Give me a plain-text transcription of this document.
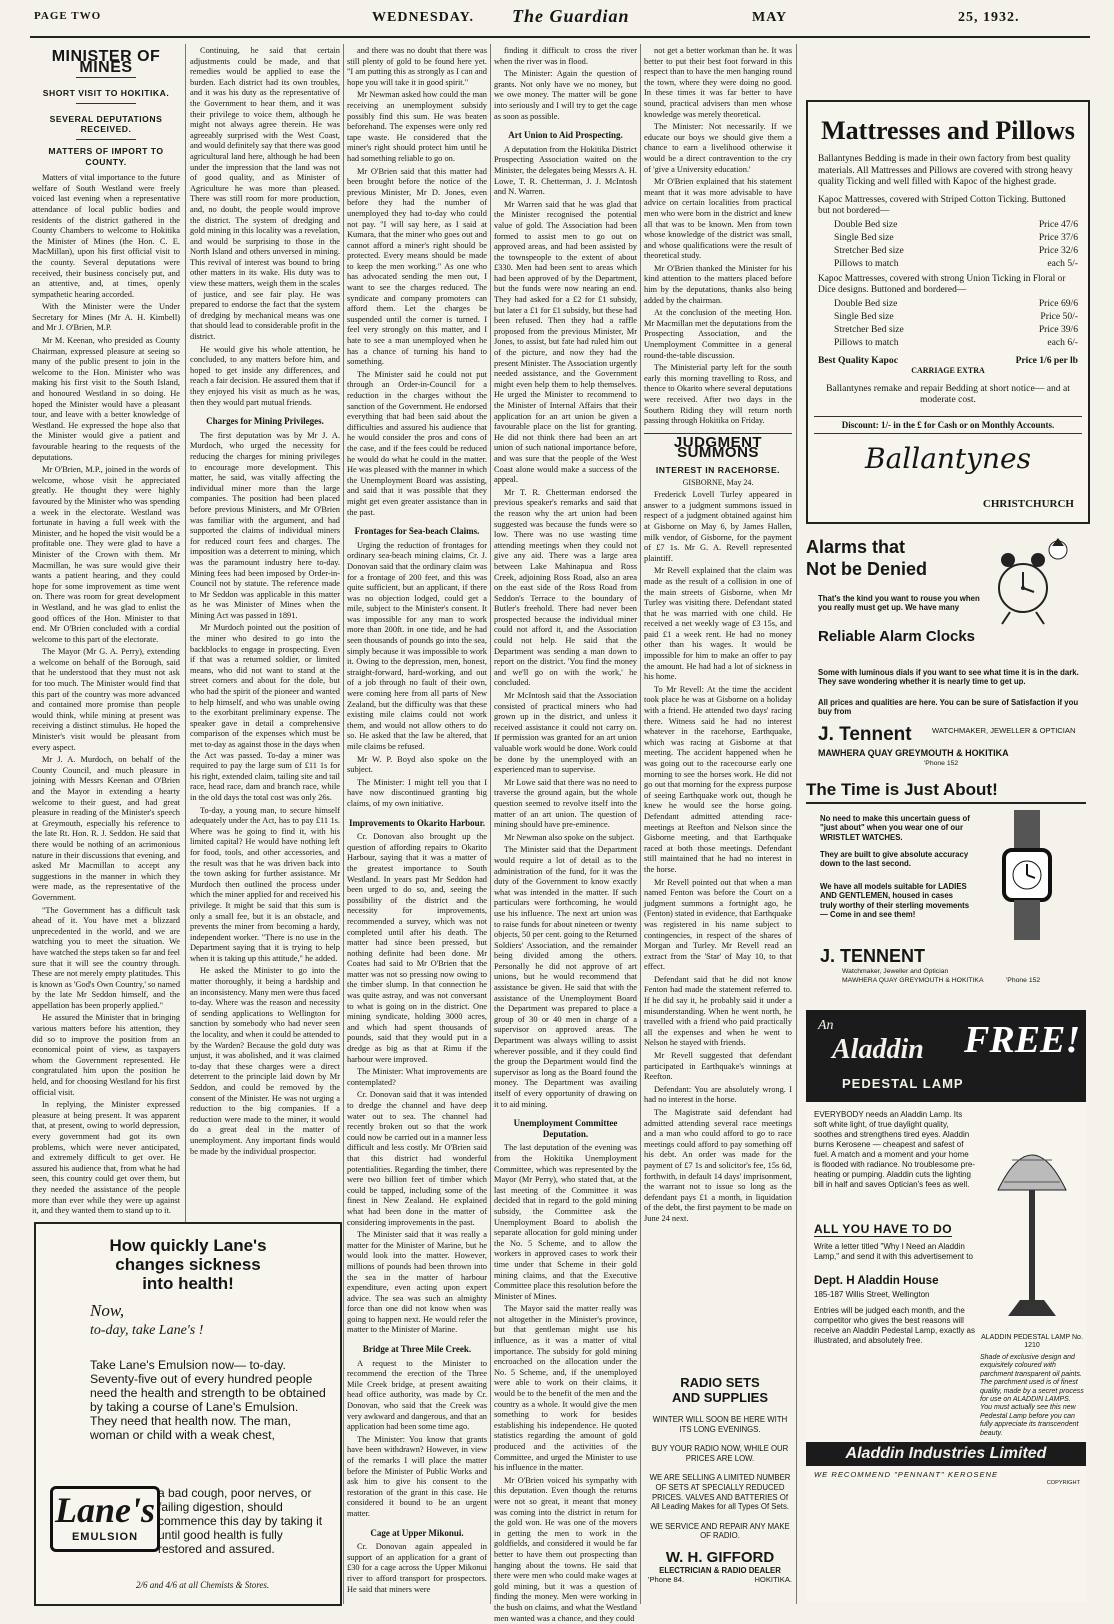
PAGE TWO	WEDNESDAY. The Guardian	MAY	25, 1932.
MINISTER OF MINES
SHORT VISIT TO HOKITIKA.
SEVERAL DEPUTATIONS RECEIVED.
MATTERS OF IMPORT TO COUNTY.

Matters of vital importance to the future welfare of South Westland were freely voiced last evening when a representative attendance of local public bodies and residents of the district gathered in the County Chambers to welcome to Hokitika the Minister of Mines (the Hon. C. E. MacMillan), upon his first official visit to the county. Several deputations were received, their business concisely put, and an attentive, and, at times, openly sympathetic hearing accorded.

With the Minister were the Under Secretary for Mines (Mr A. H. Kimbell) and Mr J. O'Brien, M.P.

Mr M. Keenan, who presided as County Chairman, expressed pleasure at seeing so many of the public present to join in the welcome to the Hon. Minister who was making his first visit to the South Island, and honoured Westland in so doing. He hoped the Minister would have a pleasant tour, and leave with a better knowledge of Westland. He expressed the hope also that the Minister would give a patient and favourable hearing to the requests of the deputations.

Mr O'Brien, M.P., joined in the words of welcome, whose visit he appreciated greatly. He thought they were highly favoured by the Minister who was spending a week in the electorate. Westland was fortunate in having a full week with the Minister, and he hoped the visit would be a profitable one. They were glad to have a Minister of the Crown with them. Mr Macmillan, he was sure would give their wants a patient hearing, and they could hope for some improvement as time went on. There was room for great development in Westland, and he was glad to enlist the good offices of the Hon. Minister to that end. Mr O'Brien concluded with a cordial welcome to this part of the electorate.

The Mayor (Mr G. A. Perry), extending a welcome on behalf of the Borough, said that he understood that they must not ask for too much. The Minister would find that this part of the country was more advanced and contained more promise than people would think, while mining at present was receiving a distinct stimulus. He hoped the Minister's visit would be pleasant from every aspect.

Mr J. A. Murdoch, on behalf of the County Council, and much pleasure in joining with Messrs Keenan and O'Brien and the Mayor in extending a hearty welcome to their guest, and had great pleasure in reading of the Minister's speech at Greymouth, especially his reference to the late Rt. Hon. R. J. Seddon. He said that there would be nothing of an acrimonious nature in their discussions that evening, and asked Mr Macmillan to accept any suggestions in the manner in which they were made, as the representative of the Government.

"The Government has a difficult task ahead of it. You have met a blizzard unprecedented in the world, and we are watching you to meet the situation. We have watched the steps taken so far and feel sure that it will see the country through. These are not merely empty platitudes. This is known as 'God's Own Country,' so named by the late Mr Seddon himself, and the appellation has been properly applied."

He assured the Minister that in bringing various matters before his attention, they did so to improve the position from an economical point of view, as taxpayers whom the Government represented. He congratulated him upon the position he held, and for choosing Westland for his first official visit.

In replying, the Minister expressed pleasure at being present. It was apparent that, at present, owing to world depression, every government had got its own problems, which were never anticipated, and extremely difficult to get over. He assured his audience that, from what he had seen, this country could get over them, but they needed the assistance of the people more than ever while they were up against it, and they wanted them to stand up to it.

Continuing, he said that certain adjustments could be made, and that remedies would be applied to ease the burden. Each district had its own troubles, and it was his duty as the representative of the Government to hear them, and it was their privilege to voice them, although he might not always agree therein. He was agreeably surprised with the West Coast, and would definitely say that there was good agricultural land here, although he had been under the impression that the land was not of good quality, and as Minister of Agriculture he was more than pleased. There was still room for more production, and, no doubt, the people would improve the district. The system of dredging and gold mining in this locality was a revelation, and would be surprising to those in the North Island and others unversed in mining. This revival of interest was bound to bring other matters in its wake. His duty was to view these matters, weigh them in the scales of justice, and see fair play. He was prepared to endorse the fact that the system of dredging by mechanical means was one that should lead to considerable profit in the district.

He would give his whole attention, he concluded, to any matters before him, and hoped to get inside any differences, and reach a fair decision. He assured them that if they enjoyed his visit as much as he was, then they would part mutual friends.

Charges for Mining Privileges.

The first deputation was by Mr J. A. Murdoch, who urged the necessity for reducing the charges for mining privileges to encourage more development. This matter, he said, was vitally affecting the individual miner more than the large companies. The position had been placed before previous Ministers, and Mr O'Brien was familiar with the argument, and had supported the claims of individual miners for reduced court fees and charges. The imposition was a deterrent to mining, which was the paramount industry here to-day. Mining fees had been imposed by Order-in-Council not by statute. The reference made to Mr Seddon was applicable in this matter as he was Minister of Mines when the Mining Act was passed in 1891.

Mr Murdoch pointed out the position of the miner who desired to go into the backblocks to engage in prospecting. Even if that was a returned soldier, or limited means, who did not want to stand at the street corners and about for the dole, but who had the spirit of the pioneer and wanted to help himself, and who was unable owing to the exorbitant preliminary expense. The speaker gave in detail a comprehensive comparison of the expenses which must be met to-day as against those in the days when the Act was passed. To-day a miner was required to pay the large sum of £11 1s for his right, extended claim, tailing site and tail race, head race, dam and branch race, while in the old days the total cost was only 26s.

To-day, a young man, to secure himself adequately under the Act, has to pay £11 1s. Where was he going to find it, with his limited capital? He would have nothing left for food, tools, and other accessories, and the result was that he was driven back into the town asking for further assistance. Mr Murdoch then outlined the process under which the miner applied for and received his privilege. It might be said that this sum is only a small fee, but it is an obstacle, and prevents the miner from becoming a hardy, independent worker. "There is no use in the Department saying that it is trying to help when it is taking up this attitude," he added.

He asked the Minister to go into the matter thoroughly, it being a hardship and an inconsistency. Many men were thus faced to-day. Where was the reason and necessity of sending applications to Wellington for sanction by somebody who had never seen the locality, and when it could be attended to by the Warden? Because the gold duty was unjust, it was abolished, and it was claimed to-day that these charges were a direct deterrent to the principle laid down by Mr Seddon, and could be removed by the consent of the Minister. He was not urging a reduction to the big companies. If a reduction were made to the miner, it would do a great deal in the matter of unemployment. Any important finds would be made by the individual prospector.

and there was no doubt that there was still plenty of gold to be found here yet. "I am putting this as strongly as I can and hope you will take it in good spirit."

Mr Newman asked how could the man receiving an unemployment subsidy possibly find this sum. He was beaten beforehand. The expenses were only red tape waste. He considered that the miner's right should protect him until he had something reliable to go on.

Mr O'Brien said that this matter had been brought before the notice of the previous Minister, Mr D. Jones, even before they had the number of unemployed they had to-day who could not pay. "I will say here, as I said at Kumara, that the miner who goes out and cannot afford a miner's right should be protected. Every means should be made to keep the men working." As one who has advocated sending the men out, I want to see the charges reduced. The syndicate and company promoters can afford them. Let the charges be suspended until the corner is turned. I feel very strongly on this matter, and I hate to see a man unemployed when he has a chance of turning his hand to something.

The Minister said he could not put through an Order-in-Council for a reduction in the charges without the sanction of the Government. He endorsed everything that had been said about the difficulties and assured his audience that he would consider the pros and cons of the case, and if the fees could be reduced he would do what he could in the matter. He was pleased with the manner in which the Unemployment Board was assisting, and said that it was possible that they might get even greater assistance than in the past.

Frontages for Sea-beach Claims.

Urging the reduction of frontages for ordinary sea-beach mining claims, Cr. J. Donovan said that the ordinary claim was for a frontage of 200 feet, and this was quite sufficient, but an applicant, if there was no objection lodged, could get a mile, subject to the Minister's consent. It was impossible for any man to work more than 200ft. in one tide, and he had seen thousands of pounds go into the sea, simply because it was impossible to work it. Owing to the depression, men, honest, straight-forward, hard-working, and out of a job through no fault of their own, were coming here from all parts of New Zealand, but the difficulty was that these existing mile claims could not work them, and would not allow others to do so. He asked that the law be altered, that mile claims be refused.

Mr W. P. Boyd also spoke on the subject.

The Minister: I might tell you that I have now discontinued granting big claims, of my own initiative.

Improvements to Okarito Harbour.

Cr. Donovan also brought up the question of affording repairs to Okarito Harbour, saying that it was a matter of the greatest importance to South Westland. In years past Mr Seddon had been urged to do so, and, seeing the possibility of the district and the necessity for improvements, recommended a survey, which was not completed until after his death. The matter had since been pressed, but nothing definite had been done. Mr Coates had said to Mr O'Brien that the matter was not so pressing now owing to the timber slump. In that connection he was quite astray, and was not conversant to what is going on in the district. One mining syndicate, holding 3000 acres, and which had spent thousands of pounds, said that they would put in a dredge as big as that at Rimu if the harbour were improved.

The Minister: What improvements are contemplated?

Cr. Donovan said that it was intended to dredge the channel and have deep water out to sea. The channel had recently broken out so that the work could now be carried out in a manner less difficult and less costly. Mr O'Brien said that this district had wonderful potentialities. Regarding the timber, there were two billion feet of timber which could be tapped, including some of the finest in New Zealand. He explained what had been done in the matter of considering improvements in the past.

The Minister said that it was really a matter for the Minister of Marine, but he would look into the matter. However, millions of pounds had been thrown into the sea in the matter of harbour expenditure, even acting upon expert advice. The sea was such an almighty force than one did not know when was going to happen next. He would refer the matter to the Minister of Marine.

Bridge at Three Mile Creek.

A request to the Minister to recommend the erection of the Three Mile Creek bridge, at present awaiting head office authority, was made by Cr. Donovan, who said that the Creek was very awkward and dangerous, and that an application had been some time ago.

The Minister: You know that grants have been withdrawn? However, in view of the remarks I will place the matter before the Minister of Public Works and ask him to give his consent to the restoration of the grant in this case. He considered it bound to be an urgent matter.

Cage at Upper Mikonui.

Cr. Donovan again appealed in support of an application for a grant of £30 for a cage across the Upper Mikonui river to afford transport for prospectors. He said that miners were

finding it difficult to cross the river when the river was in flood.

The Minister: Again the question of grants. Not only have we no money, but we owe money. The matter will be gone into seriously and I will try to get the cage as soon as possible.

Art Union to Aid Prospecting.

A deputation from the Hokitika District Prospecting Association waited on the Minister, the delegates being Messrs A. H. Lowe, T. R. Chetterman, J. J. McIntosh and N. Warren.

Mr Warren said that he was glad that the Minister recognised the potential value of gold. The Association had been formed to assist men to go out on approved areas, and had been assisted by the townspeople to the extent of about £330. Men had been sent to areas which had been approved of by the Department, but the funds were now nearing an end. They had asked for a £2 for £1 subsidy, but later a £1 for £1 subsidy, but these had been refused. Then they had a raffle proposed from the previous Minister, Mr Jones, to assist, but fate had ruled him out of the picture, and now they had the present Minister. The Association urgently needed assistance, and the Government might even help them to help themselves. He urged the Minister to recommend to the Minister of Internal Affairs that their application for an art union be given a favourable place on the list for granting. He did not think there had been an art union of such national importance before, and was sure that the people of the West Coast alone would make a success of the appeal.

Mr T. R. Chetterman endorsed the previous speaker's remarks and said that the reason why the art union had been suggested was because the funds were so low. There was no use wasting time attending meetings when they could not give any aid. There was a large area between Lake Mahinapua and Ross Creek, adjoining Ross Road, also an area on the east side of the Ross Road from Seddon's Terrace to the boundary of Butler's freehold. There had never been prospected because the individual miner could not afford it, and the Association could not help. He said that the Department was sending a man down to report on the district. 'You find the money and we'll go on with the work,' he concluded.

Mr McIntosh said that the Association consisted of practical miners who had grown up in the district, and unless it received assistance it could not carry on. If permission was granted for an art union valuable work would be done. Work could be done by the unemployed with an experienced man to supervise.

Mr Lowe said that there was no need to traverse the ground again, but the whole question seemed to revolve itself into the matter of an art union. The question of mining should have pre-eminence.

Mr Newman also spoke on the subject.

The Minister said that the Department would require a lot of detail as to the administration of the fund, for it was the duty of the Government to know exactly what was intended in the matter. If such particulars were forthcoming, he would use his influence. The next art union was to raise funds for about nineteen or twenty objects, 50 per cent. going to the Returned Soldiers' Association, and the remainder being divided among the others. Personally he did not approve of art unions, but he would recommend that assistance be given. He said that with the assistance of the Unemployment Board the Department was prepared to place a group of 30 or 40 men in charge of a supervisor on approved areas. The Department was always willing to assist wherever possible, and if they could find the group the Department would find the supervisor as long as the Board found the money. The Department was availing itself of every opportunity of drawing on it to aid mining.

Unemployment Committee Deputation.

The last deputation of the evening was from the Hokitika Unemployment Committee, which was represented by the Mayor (Mr Perry), who stated that, at the last meeting of the Committee it was decided that in regard to the gold mining subsidy, the Committee ask the Unemployment Board to abolish the separate allocation for gold mining under the No. 5 Scheme, and to allow the workers in approved cases to work their time under that Scheme in their gold mining claims, and that the Executive Committee place this resolution before the Minister of Mines.

The Mayor said the matter really was not altogether in the Minister's province, but that gentleman might use his influence, as it was a matter of vital importance. The subsidy for gold mining encroached on the allocation under the No. 5 Scheme, and, if the unemployed were able to work on their claims, it would be to the benefit of the men and the country as a whole. It would give the men something to work for besides establishing his independence. He quoted statistics regarding the amount of gold produced and the activities of the Committee, and urged the Minister to use his influence in the matter.

Mr O'Brien voiced his sympathy with this deputation. Even though the returns were not so great, it meant that money was coming into the district in return for the gold won. He was one of the movers in getting the men to work in the goldfields, and considered it would be far better to have them out prospecting than hanging about the towns. He said that there were men who could make wages at gold mining, but it was a question of finding the money. Men were working in the bush on claims, and what the Westland men wanted was a chance, and they could

not get a better workman than he. It was better to put their best foot forward in this respect than to have the men hanging round the town, where they were doing no good. In these times it was far better to have sound, practical advisers than men whose knowledge was merely theoretical.

The Minister: Not necessarily. If we educate our boys we should give them a chance to earn a livelihood otherwise it would be a direct contravention to the cry of 'give a University education.'

Mr O'Brien explained that his statement meant that it was more advisable to have advice on certain localities from practical men who were born in the district and knew all that was to be known. Men from town whose knowledge of the district was small, and whose qualifications were the result of theoretical study.

Mr O'Brien thanked the Minister for his kind attention to the matters placed before him by the deputations, thanks also being added by the chairman.

At the conclusion of the meeting Hon. Mr Macmillan met the deputations from the Prospecting Association, and the Unemployment Committee in a general round-the-table discussion.

The Ministerial party left for the south early this morning travelling to Ross, and thence to Okarito where several deputations were received. After two days in the Southern Riding they will return north passing through Hokitika on Friday.

JUDGMENT SUMMONS
INTEREST IN RACEHORSE.
GISBORNE, May 24.

Frederick Lovell Turley appeared in answer to a judgment summons issued in respect of a judgment obtained against him at Gisborne on May 6, by James Hallen, milk vendor, of Gisborne, for the payment of £7 1s. Mr G. A. Revell represented plaintiff.

Mr Revell explained that the claim was made as the result of a collision in one of the main streets of Gisborne, when Mr Turley was visiting there. Defendant stated that he was married with one child. He received a net weekly wage of £3 15s, and paid £1 a week rent. He had no money other than his wages. It would be impossible for him to make an offer to pay the amount. He had had a lot of sickness in his home.

To Mr Revell: At the time the accident took place he was at Gisborne on a holiday with a friend. He attended two days' racing there. Witness said he had no interest whatever in the racehorse, Earthquake, which was racing at Gisborne at that meeting. The accident happened when he was going out to the racecourse early one morning to see the horses work. He did not go out that morning for the express purpose of seeing Earthquake work out, though he knew he would see the horse going. Defendant admitted attending race-meetings at Reefton and Nelson since the Gisborne meeting, and that Earthquake raced at both those meetings. Defendant still maintained that he had no interest in the horse.

Mr Revell pointed out that when a man named Fenton was before the Court on a judgment summons a fortnight ago, he (Fenton) stated in evidence, that Earthquake was registered in his name subject to contingencies, in respect of the shares of Morgan and Turley. Mr Revell read an extract from the 'Star' of May 10, to that effect.

Defendant said that he did not know Fenton had made the statement referred to. If he did say it, he probably said it under a misunderstanding. When he went north, he travelled with a friend who paid practically all the expenses and when he went to Nelson he stayed with friends.

Mr Revell suggested that defendant participated in Earthquake's winnings at Reefton.

Defendant: You are absolutely wrong. I had no interest in the horse.

The Magistrate said defendant had admitted attending several race meetings and a man who could afford to go to race meetings could afford to pay something off his debt. An order was made for the payment of £7 1s and solicitor's fee, 15s 6d, forthwith, in default 14 days' imprisonment, the warrant not to issue so long as the defendant pays £1 a month, in liquidation of the debt, the first payment to be made on June 24 next.

How quickly Lane's
changes sickness
into health!
Now,
to-day, take Lane's !
Take Lane's Emulsion now— to-day. Seventy-five out of every hundred people need the health and strength to be obtained by taking a course of Lane's Emulsion. They need that health now. The man, woman or child with a weak chest,
a bad cough, poor nerves, or failing digestion, should commence this day by taking it until good health is fully restored and assured.
Lane's
EMULSION
2/6 and 4/6 at all Chemists & Stores.
RADIO SETS
AND SUPPLIES
WINTER WILL SOON BE HERE WITH ITS LONG EVENINGS.
BUY YOUR RADIO NOW, WHILE OUR PRICES ARE LOW.
WE ARE SELLING A LIMITED NUMBER OF SETS AT SPECIALLY REDUCED PRICES. VALVES AND BATTERIES Of All Leading Makes for all Types Of Sets.
WE SERVICE AND REPAIR ANY MAKE OF RADIO.
W. H. GIFFORD
ELECTRICIAN & RADIO DEALER
'Phone 84.	HOKITIKA.
Mattresses and Pillows
Ballantynes Bedding is made in their own factory from best quality materials. All Mattresses and Pillows are covered with strong heavy quality Ticking and well filled with Kapoc of the highest grade.
Kapoc Mattresses, covered with Striped Cotton Ticking. Buttoned but not bordered—
Double Bed size	Price 47/6
Single Bed size	Price 37/6
Stretcher Bed size	Price 32/6
Pillows to match	each 5/-
Kapoc Mattresses, covered with strong Union Ticking in Floral or Dice designs. Buttoned and bordered—
Double Bed size	Price 69/6
Single Bed size	Price 50/-
Stretcher Bed size	Price 39/6
Pillows to match	each 6/-
Best Quality Kapoc	Price 1/6 per lb
CARRIAGE EXTRA
Ballantynes remake and repair Bedding at short notice— and at moderate cost.
Discount: 1/- in the £ for Cash or on Monthly Accounts.
Ballantynes
CHRISTCHURCH
Alarms that
Not be Denied
That's the kind you want to rouse you when you really must get up. We have many
Reliable Alarm Clocks
Some with luminous dials if you want to see what time it is in the dark. They save wondering whether it is nearly time to get up.
All prices and qualities are here. You can be sure of Satisfaction if you buy from
J. Tennent	WATCHMAKER, JEWELLER & OPTICIAN
MAWHERA QUAY GREYMOUTH & HOKITIKA
'Phone 152
The Time is Just About!
No need to make this uncertain guess of "just about" when you wear one of our WRISTLET WATCHES.
They are built to give absolute accuracy down to the last second.
We have all models suitable for LADIES AND GENTLEMEN, housed in cases truly worthy of their sterling movements— Come in and see them!
J. TENNENT
Watchmaker, Jeweller and Optician
MAWHERA QUAY GREYMOUTH & HOKITIKA	'Phone 152
An
Aladdin FREE!
PEDESTAL LAMP
EVERYBODY needs an Aladdin Lamp. Its soft white light, of true daylight quality, soothes and strengthens tired eyes. Aladdin burns Kerosene — cheapest and safest of fuel. A match and a moment and your home is flooded with radiance. No troublesome pre-heating or pumping. Aladdin cuts the lighting bill in half and saves Optician's fees as well.
ALL YOU HAVE TO DO
Write a letter titled "Why I Need an Aladdin Lamp," and send it with this advertisement to
Dept. H Aladdin House
185-187 Willis Street, Wellington
Entries will be judged each month, and the competitor who gives the best reasons will receive an Aladdin Pedestal Lamp, exactly as illustrated, and absolutely free.	ALADDIN PEDESTAL LAMP No. 1210
Shade of exclusive design and exquisitely coloured with parchment transparent oil paints. The parchment used is of finest quality, made by a secret process for use on ALADDIN LAMPS. You must actually see this new Pedestal Lamp before you can fully appreciate its transcendent beauty.
Aladdin Industries Limited
WE RECOMMEND "PENNANT" KEROSENE
COPYRIGHT
